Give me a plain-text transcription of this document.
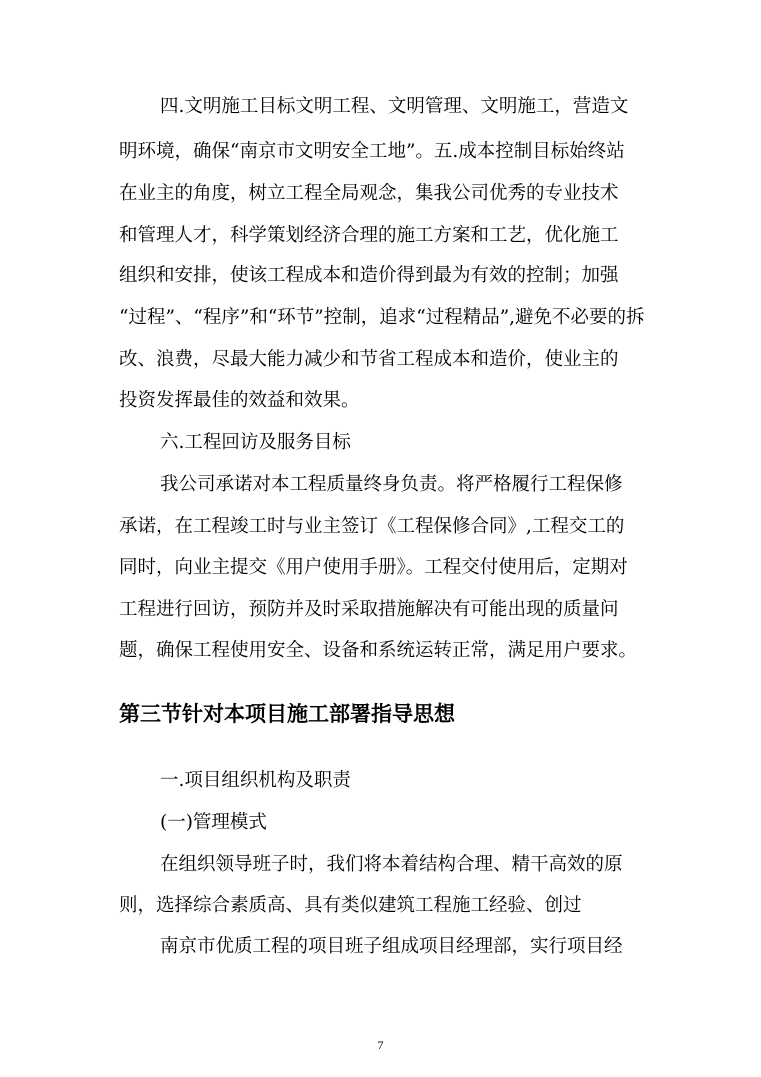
四.文明施工目标文明工程、文明管理、文明施工，营造文
明环境，确保“南京市文明安全工地”。五.成本控制目标始终站
在业主的角度，树立工程全局观念，集我公司优秀的专业技术
和管理人才，科学策划经济合理的施工方案和工艺，优化施工
组织和安排，使该工程成本和造价得到最为有效的控制；加强
“过程”、“程序”和“环节”控制，追求“过程精品”,避免不必要的拆
改、浪费，尽最大能力减少和节省工程成本和造价，使业主的
投资发挥最佳的效益和效果。
六.工程回访及服务目标
我公司承诺对本工程质量终身负责。将严格履行工程保修
承诺，在工程竣工时与业主签订《工程保修合同》,工程交工的
同时，向业主提交《用户使用手册》。工程交付使用后，定期对
工程进行回访，预防并及时采取措施解决有可能出现的质量问
题，确保工程使用安全、设备和系统运转正常，满足用户要求。
第三节针对本项目施工部署指导思想
一.项目组织机构及职责
(一)管理模式
在组织领导班子时，我们将本着结构合理、精干高效的原
则，选择综合素质高、具有类似建筑工程施工经验、创过
南京市优质工程的项目班子组成项目经理部，实行项目经
7
